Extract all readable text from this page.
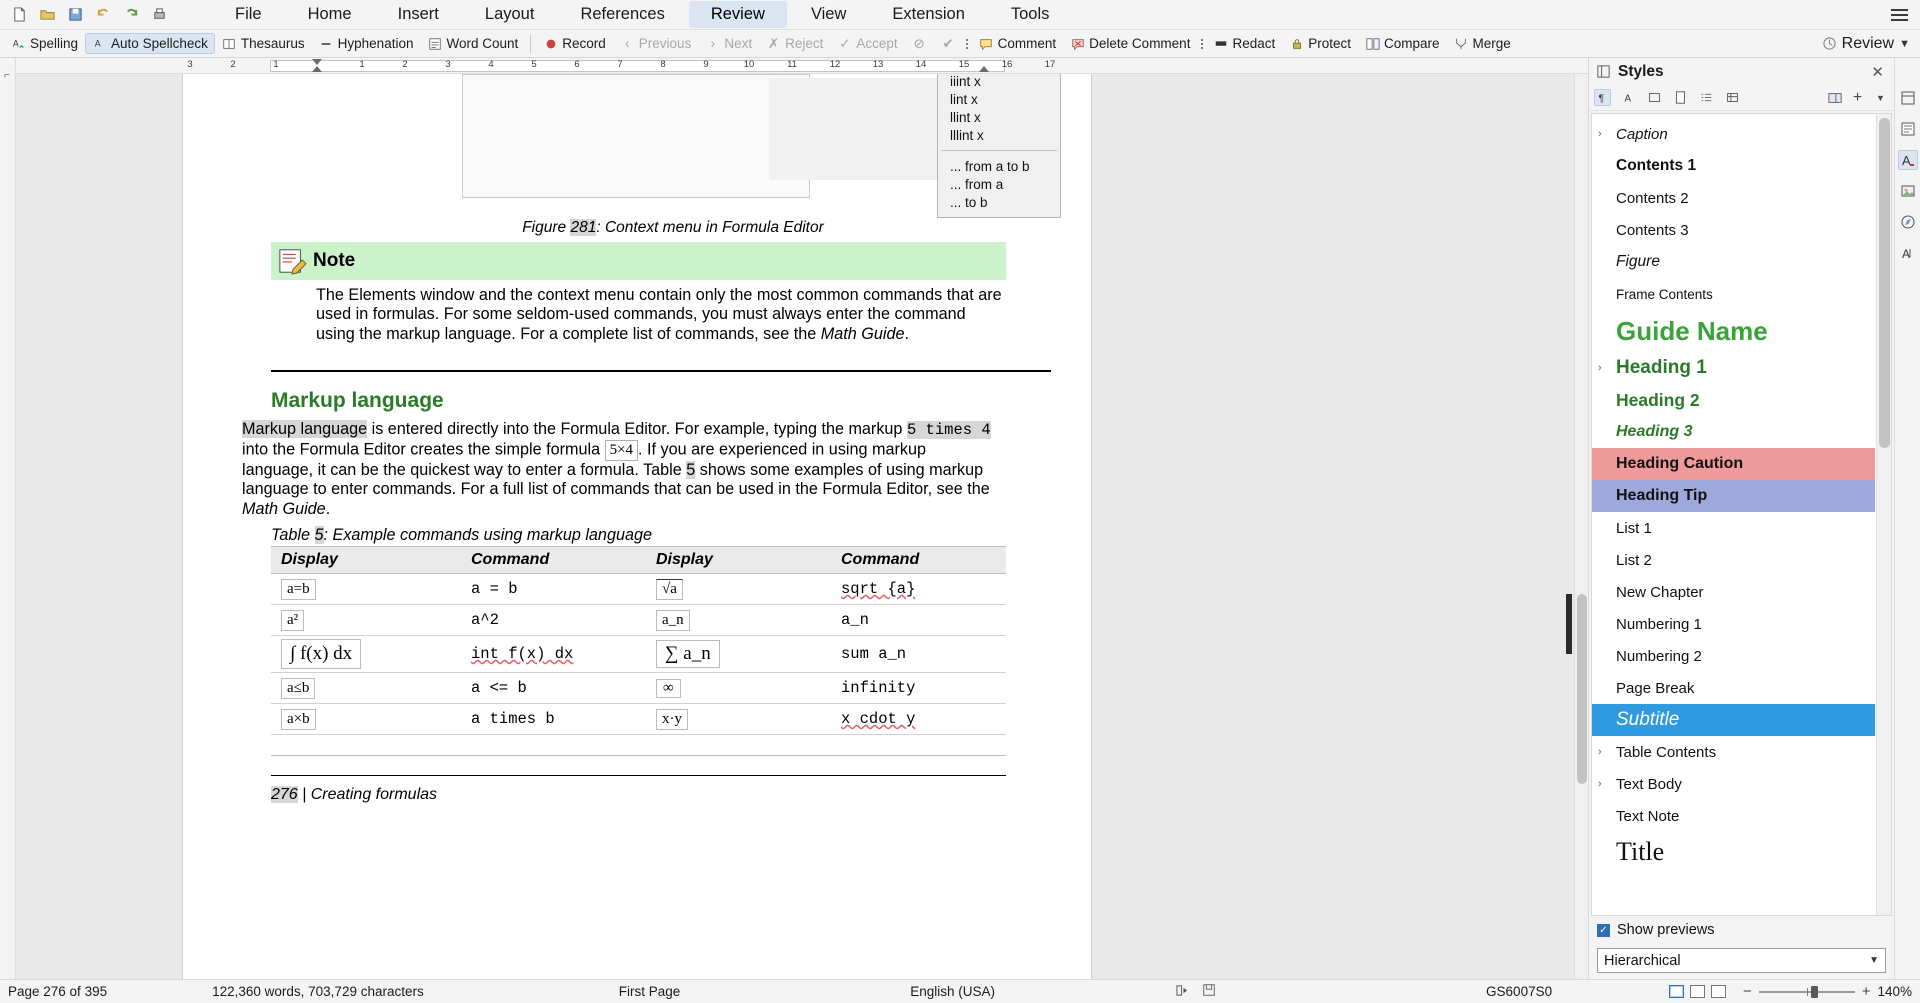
File	Home	Insert	Layout	References	Review	View	Extension	Tools
A Spelling A Auto Spellcheck Thesaurus Hyphenation Word Count	Record	‹ Previous	› Next ✗ Reject ✓ Accept ⊘ ✔	Comment Delete Comment	Redact Protect Compare Merge	Review ▼
⌐
3	2	1	1	2	3	4	5	6	7	8	9	10	11	12	13	14	15	16	17
iiint x
lint x
llint x
lllint x
... from a to b
... from a
... to b
Figure 281: Context menu in Formula Editor
Note
The Elements window and the context menu contain only the most common commands that are used in formulas. For some seldom-used commands, you must always enter the command using the markup language. For a complete list of commands, see the Math Guide.
Markup language
Markup language is entered directly into the Formula Editor. For example, typing the markup 5 times 4 into the Formula Editor creates the simple formula 5×4 . If you are experienced in using markup language, it can be the quickest way to enter a formula. Table 5 shows some examples of using markup language to enter commands. For a full list of commands that can be used in the Formula Editor, see the Math Guide.
Table 5: Example commands using markup language
Display	Command	Display	Command
a=b	a = b	√a	sqrt {a}
a²	a^2	a_n	a_n
∫ f(x) dx	int f(x) dx	∑ a_n	sum a_n
a≤b	a <= b	∞	infinity
a×b	a times b	x·y	x cdot y
276 | Creating formulas
Styles	✕
¶ A	+	▼
› Caption
Contents 1
Contents 2
Contents 3
Figure
Frame Contents
Guide Name
› Heading 1
Heading 2
Heading 3
Heading Caution
Heading Tip
List 1
List 2
New Chapter
Numbering 1
Numbering 2
Page Break
Subtitle
› Table Contents
› Text Body
Text Note
Title
✓ Show previews
Hierarchical	▼
A
A
Page 276 of 395	122,360 words, 703,729 characters	First Page	English (USA)	GS6007S0	−	+ 140%
